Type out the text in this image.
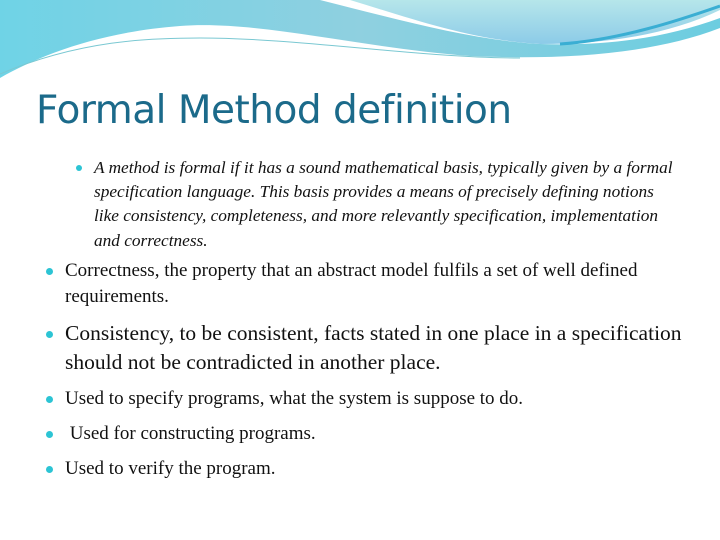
Formal Method definition
A method is formal if it has a sound mathematical basis, typically given by a formal specification language. This basis provides a means of precisely defining notions like consistency, completeness, and more relevantly specification, implementation and correctness.
Correctness, the property that an abstract model fulfils a set of well defined requirements.
Consistency, to be consistent, facts stated in one place in a specification should not be contradicted in another place.
Used to specify programs, what the system is suppose to do.
Used for constructing programs.
Used to verify the program.
